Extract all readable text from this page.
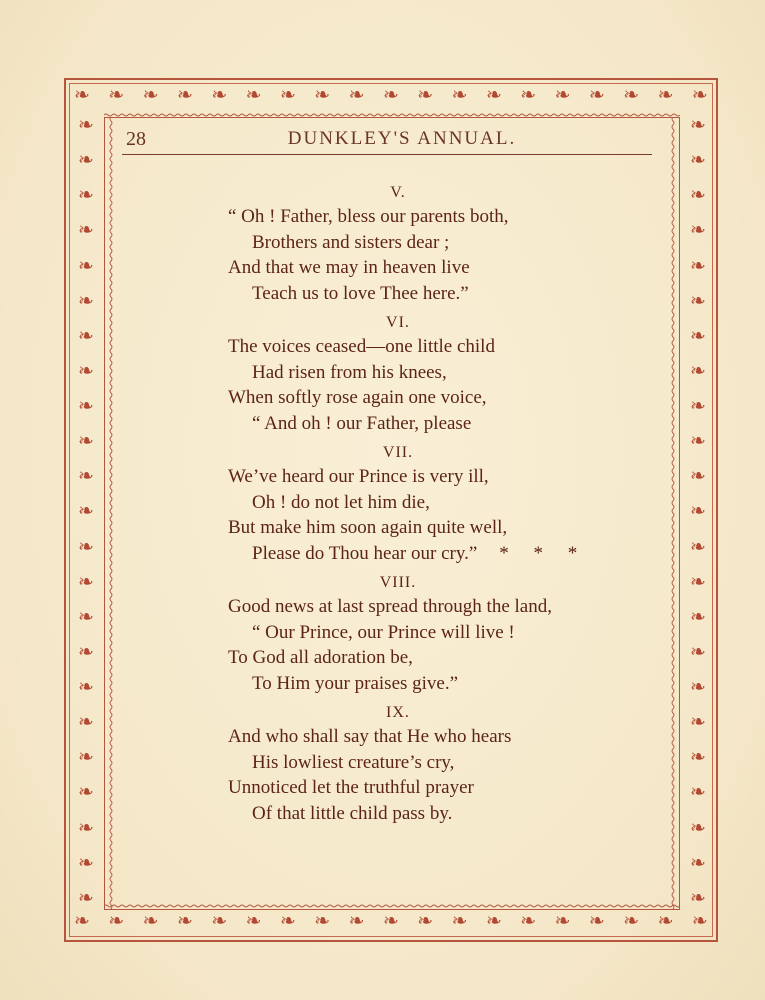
❧ ❧ ❧ ❧ ❧ ❧ ❧ ❧ ❧ ❧ ❧ ❧ ❧ ❧ ❧ ❧ ❧ ❧ ❧
❧ ❧ ❧ ❧ ❧ ❧ ❧ ❧ ❧ ❧ ❧ ❧ ❧ ❧ ❧ ❧ ❧ ❧ ❧
❧
❧
❧
❧
❧
❧
❧
❧
❧
❧
❧
❧
❧
❧
❧
❧
❧
❧
❧
❧
❧
❧
❧
❧
❧
❧
❧
❧
❧
❧
❧
❧
❧
❧
❧
❧
❧
❧
❧
❧
❧
❧
❧
❧
❧
❧
28	DUNKLEY'S ANNUAL.
V.
“ Oh ! Father, bless our parents both,
Brothers and sisters dear ;
And that we may in heaven live
Teach us to love Thee here.”
VI.
The voices ceased—one little child
Had risen from his knees,
When softly rose again one voice,
“ And oh ! our Father, please
VII.
We’ve heard our Prince is very ill,
Oh ! do not let him die,
But make him soon again quite well,
Please do Thou hear our cry.” * * *
VIII.
Good news at last spread through the land,
“ Our Prince, our Prince will live !
To God all adoration be,
To Him your praises give.”
IX.
And who shall say that He who hears
His lowliest creature’s cry,
Unnoticed let the truthful prayer
Of that little child pass by.
